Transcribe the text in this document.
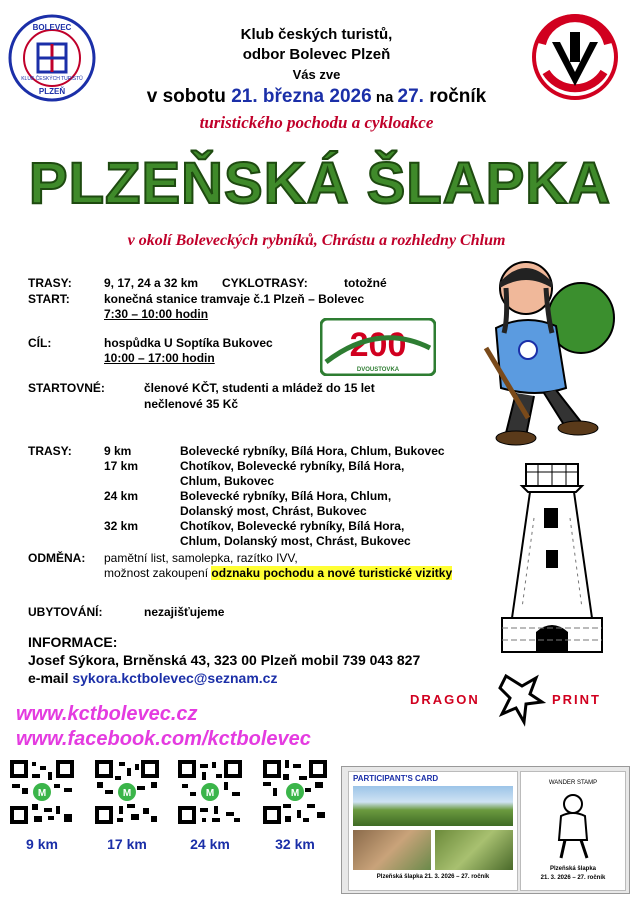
BOLEVEC
PLZEŇ
KLUB ČESKÝCH TURISTŮ
Klub českých turistů,
odbor Bolevec Plzeň
Vás zve
v sobotu 21. března 2026 na 27. ročník
turistického pochodu a cykloakce
PLZEŇSKÁ ŠLAPKA
v okolí Boleveckých rybníků, Chrástu a rozhledny Chlum
TRASY:	9, 17, 24 a 32 km CYKLOTRASY:	totožné
START:	konečná stanice tramvaje č.1 Plzeň – Bolevec
7:30 – 10:00 hodin
CÍL:	hospůdka U Soptíka Bukovec
10:00 – 17:00 hodin
STARTOVNÉ:	členové KČT, studenti a mládež do 15 let
nečlenové 35 Kč
200
DVOUSTOVKA
TRASY:	9 km	Bolevecké rybníky, Bílá Hora, Chlum, Bukovec
17 km	Chotíkov, Bolevecké rybníky, Bílá Hora,
Chlum, Bukovec
24 km	Bolevecké rybníky, Bílá Hora, Chlum,
Dolanský most, Chrást, Bukovec
32 km	Chotíkov, Bolevecké rybníky, Bílá Hora,
Chlum, Dolanský most, Chrást, Bukovec
ODMĚNA: pamětní list, samolepka, razítko IVV,
možnost zakoupení odznaku pochodu a nové turistické vizitky
UBYTOVÁNÍ:	nezajišťujeme
INFORMACE:
Josef Sýkora, Brněnská 43, 323 00 Plzeň mobil 739 043 827
e-mail sykora.kctbolevec@seznam.cz
DRAGON	PRINT
www.kctbolevec.cz
www.facebook.com/kctbolevec
M
9 km
M
17 km
M
24 km
M
32 km
PARTICIPANT'S CARD
Plzeňská šlapka 21. 3. 2026 – 27. ročník
WANDER STAMP
Plzeňská šlapka
21. 3. 2026 – 27. ročník
